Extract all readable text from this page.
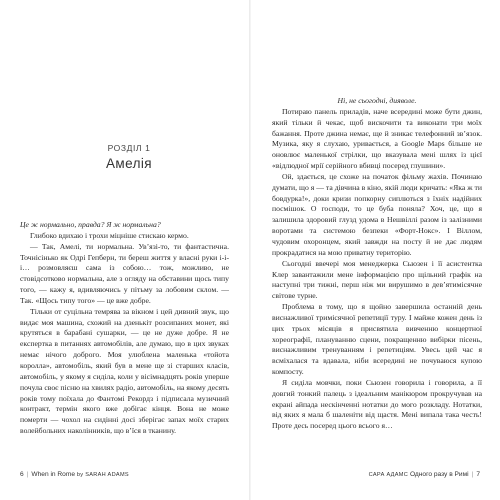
РОЗДІЛ 1
Амелія

Це ж нормально, правда? Я ж нормальна?

Глибоко вдихаю і трохи міцніше стискаю кермо.

— Так, Амелі, ти нормальна. Ув’язі-то, ти фантастична. Точнісінько як Одрі Гепберн, ти береш життя у власні руки і-і-і… розмовляєш сама із собою… тож, можливо, не стовідсотково нормальна, але з огляду на обставини щось типу того, — кажу я, вдивляючись у пітьму за лобовим склом. — Так. «Щось типу того» — це вже добре.

Тільки от суцільна темрява за вікном і цей дивний звук, що видає моя машина, схожий на дзенькіт розсипаних монет, які крутяться в барабані сушарки, — це не дуже добре. Я не експертка в питаннях автомобілів, але думаю, що в цих звуках немає нічого доброго. Моя улюблена маленька «тойота королла», автомобіль, який був в мене ще зі старших класів, автомобіль, у якому я сиділа, коли у вісімнадцять років уперше почула своє пісню на хвилях радіо, автомобіль, на якому десять років тому поїхала до Фантомі Рекордз і підписала музичний контракт, термін якого вже добігає кінця. Вона не може померти — чохол на сидінні досі зберігає запах моїх старих волейбольних наколінників, що в’їся в тканину.

6 | When in Rome by SARAH ADAMS

Ні, не сьогодні, дияволе.

Потираю панель приладів, наче всередині може бути джин, який тільки й чекає, щоб вискочити та виконати три моїх бажання. Проте джина немає, ще й зникає телефонний зв’язок. Музика, яку я слухаю, уривається, а Google Maps більше не оновлює маленької стрілки, що вказувала мені шлях із цієї «відлюдної мрії серійного вбивці посеред глушини».

Ой, здається, це схоже на початок фільму жахів. Починаю думати, що я — та дівчина в кіно, якій люди кричать: «Яка ж ти бовдурка!», доки кризи попкорну сиплються з їхніх надійних посмішок. О господи, то це буба поняла? Хоч, це, що я залишила здоровий глузд удома в Нешвіллі разом із залізними воротами та системою безпеки «Форт-Нокс». І Віллом, чудовим охоронцем, який завжди на посту й не дає людям прокрадатися на мою приватну територію.

Сьогодні ввечері моя менеджерка Сьюзен і її асистентка Клер завантажили мене інформацією про щільний графік на наступні три тижні, перш ніж ми вирушимо в дев’ятимісячне світове турне.

Проблема в тому, що я щойно завершила останній день виснажливої тримісячної репетиції туру. І майже кожен день із цих трьох місяців я присвятила вивченню концертної хореографії, плануванню сцени, покращенню вибірки пісень, виснажливим тренуванням і репетиціям. Увесь цей час я всміхалася та вдавала, ніби всередині не почуваюся купою компосту.

Я сиділа мовчки, поки Сьюзен говорила і говорила, а її довгий тонкий палець з ідеальним манікюром прокручував на екрані айпада нескінченні нотатки до мого розкладу. Нотатки, від яких я мала б шаленіти від щастя. Мені випала така честь! Проте десь посеред цього всього я…

САРА АДАМС Одного разу в Римі | 7
